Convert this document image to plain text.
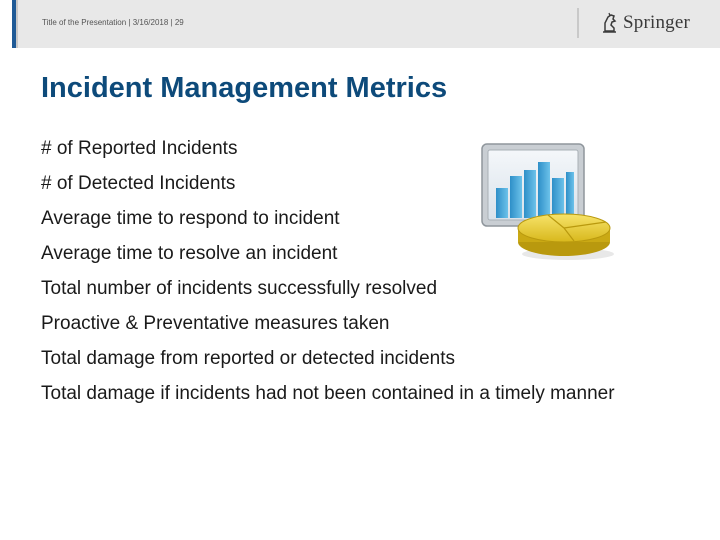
Title of the Presentation | 3/16/2018 | 29	Springer
Incident Management Metrics
# of Reported Incidents
# of Detected Incidents
Average time to respond to incident
Average time to resolve an incident
Total number of incidents successfully resolved
Proactive & Preventative measures taken
Total damage from reported or detected incidents
Total damage if incidents had not been contained in a timely manner
